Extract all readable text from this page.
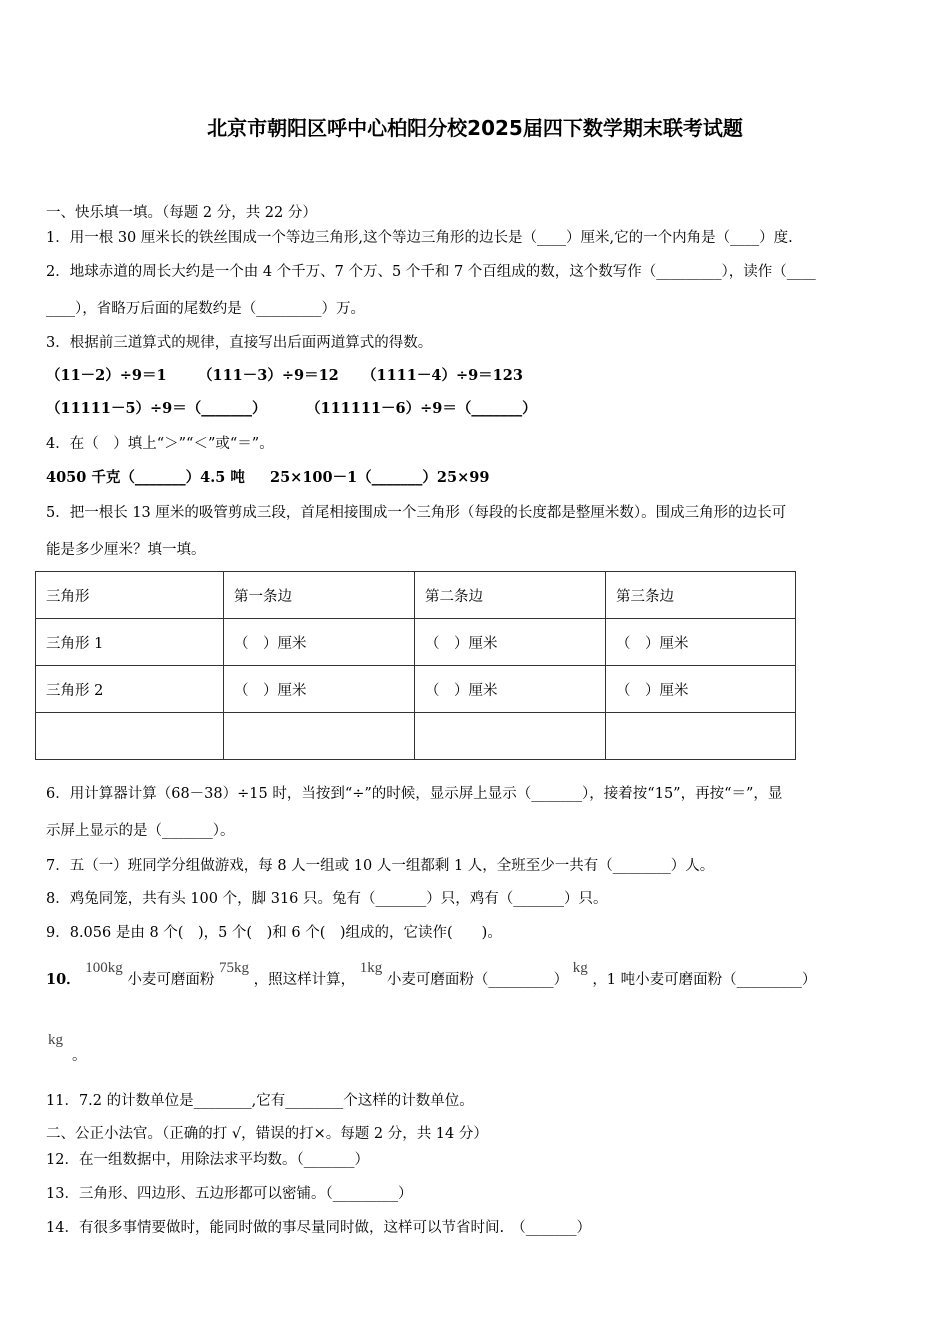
北京市朝阳区呼中心柏阳分校2025届四下数学期末联考试题
一、快乐填一填。（每题 2 分，共 22 分）
1．用一根 30 厘米长的铁丝围成一个等边三角形,这个等边三角形的边长是（____）厘米,它的一个内角是（____）度.
2．地球赤道的周长大约是一个由 4 个千万、7 个万、5 个千和 7 个百组成的数，这个数写作（_________），读作（____
____），省略万后面的尾数约是（_________）万。
3．根据前三道算式的规律，直接写出后面两道算式的得数。
（11－2）÷9＝1 （111－3）÷9＝12 （1111－4）÷9＝123
（11111－5）÷9＝（_______）	（111111－6）÷9＝（_______）
4．在（　）填上“＞”“＜”或“＝”。
4050 千克（_______）4.5 吨 25×100－1（_______）25×99
5．把一根长 13 厘米的吸管剪成三段，首尾相接围成一个三角形（每段的长度都是整厘米数）。围成三角形的边长可
能是多少厘米？填一填。
三角形	第一条边	第二条边	第三条边
三角形 1	（　）厘米	（　）厘米	（　）厘米
三角形 2	（　）厘米	（　）厘米	（　）厘米

6．用计算器计算（68－38）÷15 时，当按到“÷”的时候，显示屏上显示（_______），接着按“15”，再按“＝”，显
示屏上显示的是（_______）。
7．五（一）班同学分组做游戏，每 8 人一组或 10 人一组都剩 1 人，全班至少一共有（________）人。
8．鸡兔同笼，共有头 100 个，脚 316 只。兔有（_______）只，鸡有（_______）只。
9．8.056 是由 8 个(　)，5 个(　)和 6 个(　)组成的，它读作(　　)。
10． 100kg 小麦可磨面粉 75kg ，照这样计算， 1kg 小麦可磨面粉（_________） kg ，1 吨小麦可磨面粉（_________）
kg
。
11．7.2 的计数单位是________,它有________个这样的计数单位。
二、公正小法官。（正确的打 √，错误的打×。每题 2 分，共 14 分）
12．在一组数据中，用除法求平均数。（_______）
13．三角形、四边形、五边形都可以密铺。（_________）
14．有很多事情要做时，能同时做的事尽量同时做，这样可以节省时间.　（_______）
